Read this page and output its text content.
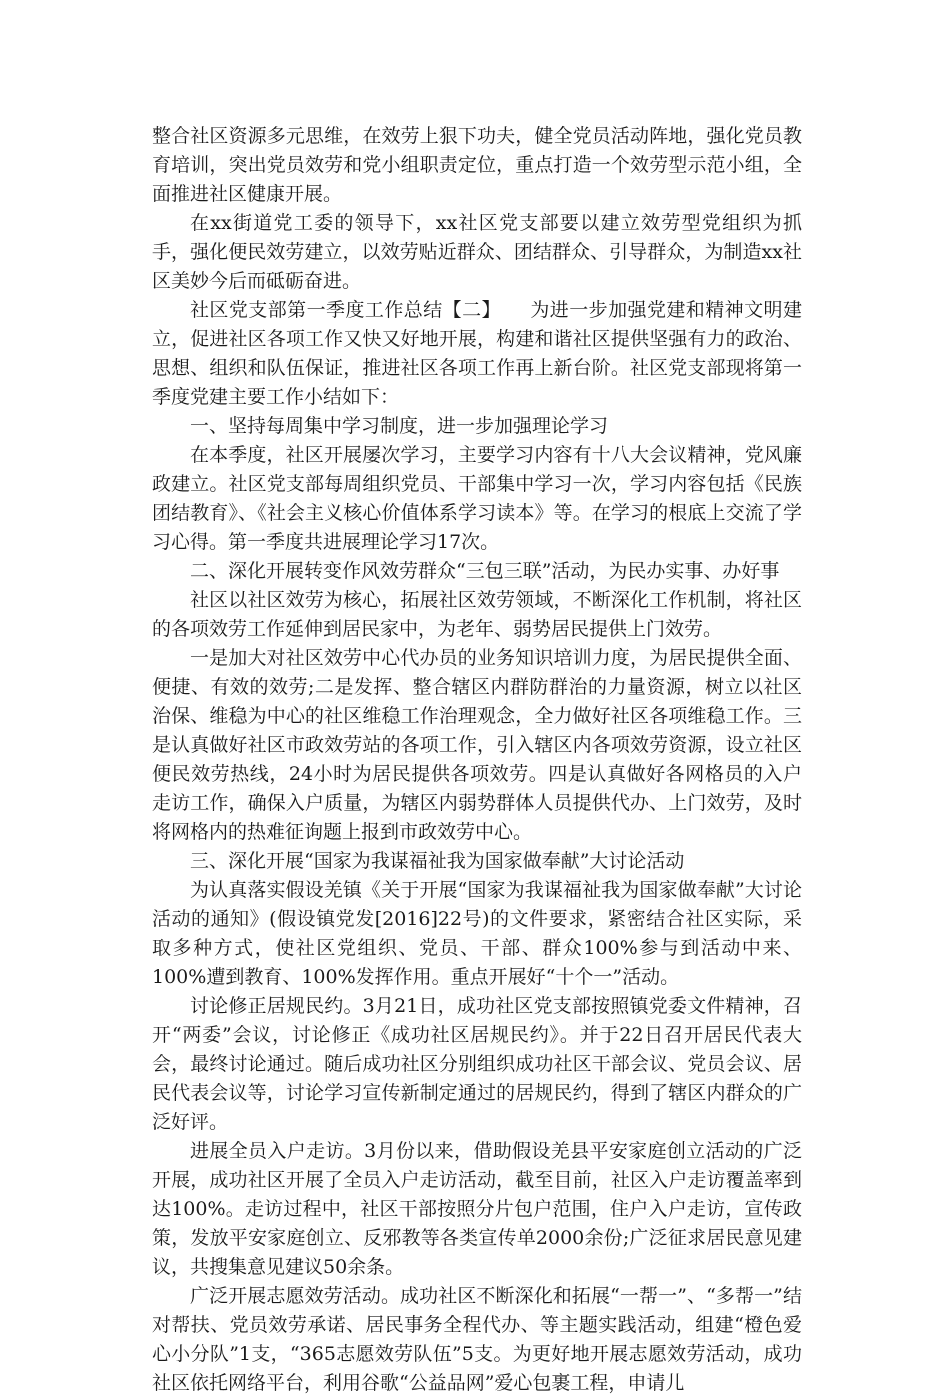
整合社区资源多元思维，在效劳上狠下功夫，健全党员活动阵地，强化党员教育培训，突出党员效劳和党小组职责定位，重点打造一个效劳型示范小组，全面推进社区健康开展。

在xx街道党工委的领导下，xx社区党支部要以建立效劳型党组织为抓手，强化便民效劳建立，以效劳贴近群众、团结群众、引导群众，为制造xx社区美妙今后而砥砺奋进。

社区党支部第一季度工作总结【二】　　为进一步加强党建和精神文明建立，促进社区各项工作又快又好地开展，构建和谐社区提供坚强有力的政治、思想、组织和队伍保证，推进社区各项工作再上新台阶。社区党支部现将第一季度党建主要工作小结如下：

一、坚持每周集中学习制度，进一步加强理论学习

在本季度，社区开展屡次学习，主要学习内容有十八大会议精神，党风廉政建立。社区党支部每周组织党员、干部集中学习一次，学习内容包括《民族团结教育》、《社会主义核心价值体系学习读本》等。在学习的根底上交流了学习心得。第一季度共进展理论学习17次。

二、深化开展转变作风效劳群众“三包三联”活动，为民办实事、办好事

社区以社区效劳为核心，拓展社区效劳领域，不断深化工作机制，将社区的各项效劳工作延伸到居民家中，为老年、弱势居民提供上门效劳。

一是加大对社区效劳中心代办员的业务知识培训力度，为居民提供全面、便捷、有效的效劳;二是发挥、整合辖区内群防群治的力量资源，树立以社区治保、维稳为中心的社区维稳工作治理观念，全力做好社区各项维稳工作。三是认真做好社区市政效劳站的各项工作，引入辖区内各项效劳资源，设立社区便民效劳热线，24小时为居民提供各项效劳。四是认真做好各网格员的入户走访工作，确保入户质量，为辖区内弱势群体人员提供代办、上门效劳，及时将网格内的热难征询题上报到市政效劳中心。

三、深化开展“国家为我谋福祉我为国家做奉献”大讨论活动

为认真落实假设羌镇《关于开展“国家为我谋福祉我为国家做奉献”大讨论活动的通知》(假设镇党发[2016]22号)的文件要求，紧密结合社区实际，采取多种方式，使社区党组织、党员、干部、群众100%参与到活动中来、100%遭到教育、100%发挥作用。重点开展好“十个一”活动。

讨论修正居规民约。3月21日，成功社区党支部按照镇党委文件精神，召开“两委”会议，讨论修正《成功社区居规民约》。并于22日召开居民代表大会，最终讨论通过。随后成功社区分别组织成功社区干部会议、党员会议、居民代表会议等，讨论学习宣传新制定通过的居规民约，得到了辖区内群众的广泛好评。

进展全员入户走访。3月份以来，借助假设羌县平安家庭创立活动的广泛开展，成功社区开展了全员入户走访活动，截至目前，社区入户走访覆盖率到达100%。走访过程中，社区干部按照分片包户范围，住户入户走访，宣传政策，发放平安家庭创立、反邪教等各类宣传单2000余份;广泛征求居民意见建议，共搜集意见建议50余条。

广泛开展志愿效劳活动。成功社区不断深化和拓展“一帮一”、“多帮一”结对帮扶、党员效劳承诺、居民事务全程代办、等主题实践活动，组建“橙色爱心小分队”1支，“365志愿效劳队伍”5支。为更好地开展志愿效劳活动，成功社区依托网络平台，利用谷歌“公益品网”爱心包裹工程，申请儿
